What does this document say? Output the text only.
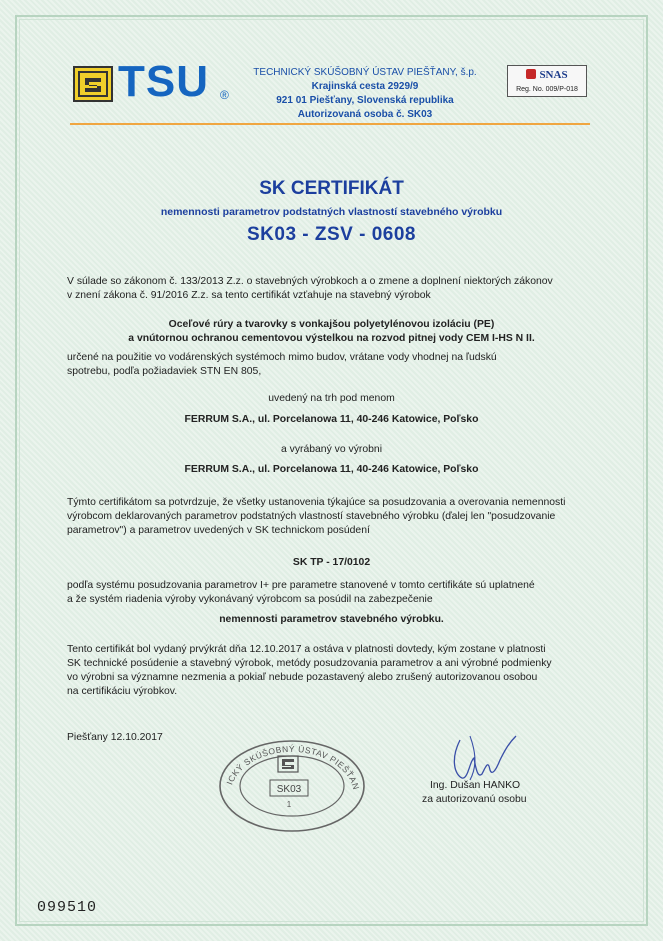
TSU ®
TECHNICKÝ SKÚŠOBNÝ ÚSTAV PIEŠŤANY, š.p.
Krajinská cesta 2929/9
921 01 Piešťany, Slovenská republika
Autorizovaná osoba č. SK03
SNAS
Reg. No. 009/P-018
SK CERTIFIKÁT
nemennosti parametrov podstatných vlastností stavebného výrobku
SK03 - ZSV - 0608
V súlade so zákonom č. 133/2013 Z.z. o stavebných výrobkoch a o zmene a doplnení niektorých zákonov
v znení zákona č. 91/2016 Z.z. sa tento certifikát vzťahuje na stavebný výrobok
Oceľové rúry a tvarovky s vonkajšou polyetylénovou izoláciu (PE)
a vnútornou ochranou cementovou výstelkou na rozvod pitnej vody CEM I-HS N II.
určené na použitie vo vodárenských systémoch mimo budov, vrátane vody vhodnej na ľudskú
spotrebu, podľa požiadaviek STN EN 805,
uvedený na trh pod menom
FERRUM S.A., ul. Porcelanowa 11, 40-246 Katowice, Poľsko
a vyrábaný vo výrobni
FERRUM S.A., ul. Porcelanowa 11, 40-246 Katowice, Poľsko
Týmto certifikátom sa potvrdzuje, že všetky ustanovenia týkajúce sa posudzovania a overovania nemennosti
výrobcom deklarovaných parametrov podstatných vlastností stavebného výrobku (ďalej len "posudzovanie
parametrov") a parametrov uvedených v SK technickom posúdení
SK TP - 17/0102
podľa systému posudzovania parametrov I+ pre parametre stanovené v tomto certifikáte sú uplatnené
a že systém riadenia výroby vykonávaný výrobcom sa posúdil na zabezpečenie
nemennosti parametrov stavebného výrobku.
Tento certifikát bol vydaný prvýkrát dňa 12.10.2017 a ostáva v platnosti dovtedy, kým zostane v platnosti
SK technické posúdenie a stavebný výrobok, metódy posudzovania parametrov a ani výrobné podmienky
vo výrobni sa významne nezmenia a pokiaľ nebude pozastavený alebo zrušený autorizovanou osobou
na certifikáciu výrobkov.
Piešťany 12.10.2017
ICKÝ SKÚŠOBNÝ ÚSTAV PIEŠŤAN
SK03
1
Ing. Dušan HANKO
za autorizovanú osobu
099510
